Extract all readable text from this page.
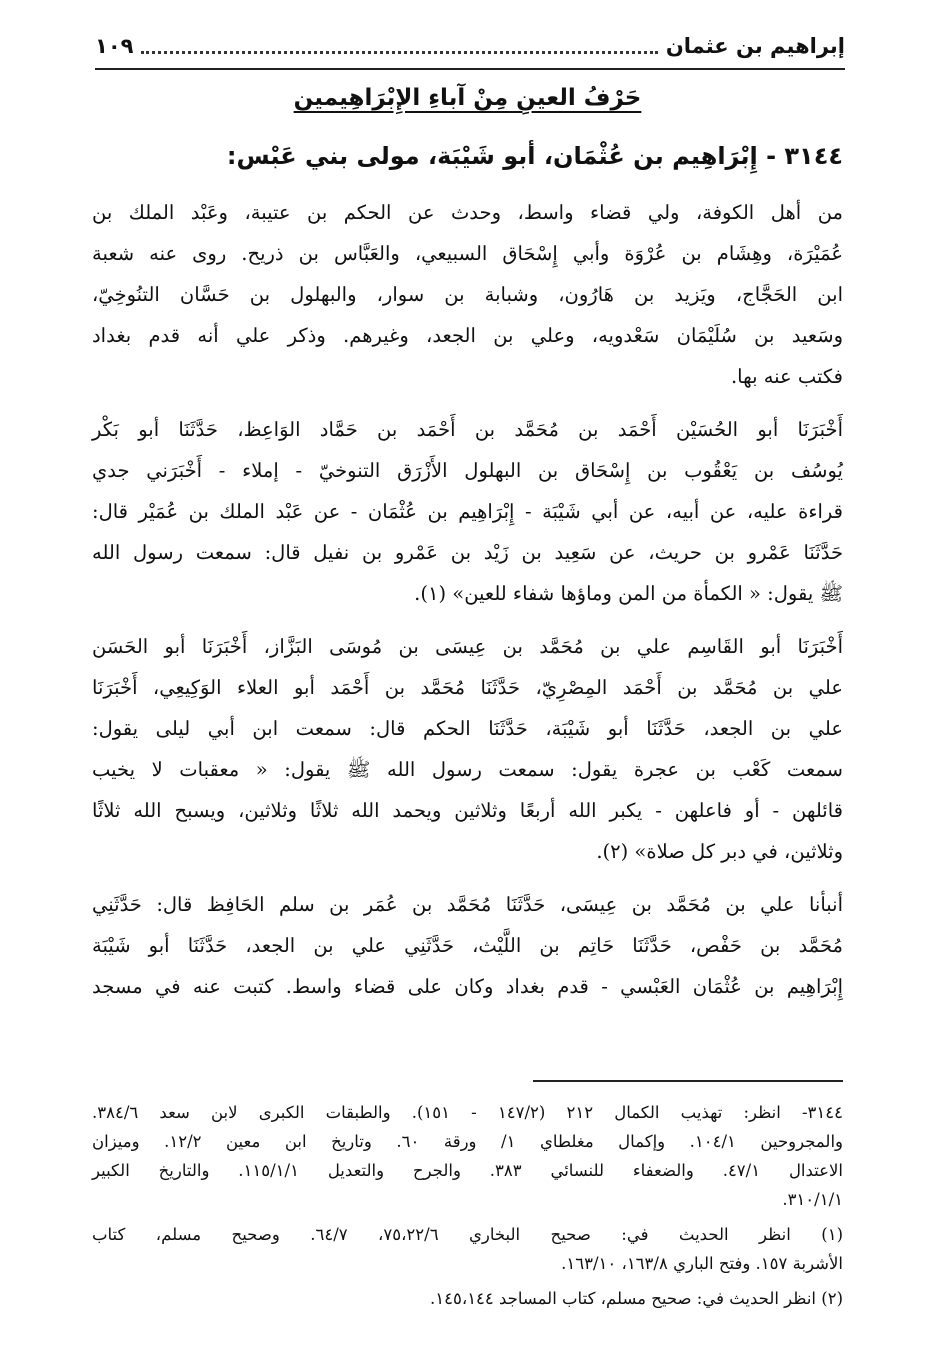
إبراهيم بن عثمان
١٠٩
حَرْفُ العينِ مِنْ آباءِ الإِبْرَاهِيمين
٣١٤٤ - إِبْرَاهِيم بن عُثْمَان، أبو شَيْبَة، مولى بني عَبْس:

من أهل الكوفة، ولي قضاء واسط، وحدث عن الحكم بن عتيبة، وعَبْد الملك بن
عُمَيْرَة، وهِشَام بن عُرْوَة وأبي إِسْحَاق السبيعي، والعَبَّاس بن ذريح. روى عنه شعبة
ابن الحَجَّاج، ويَزيد بن هَارُون، وشبابة بن سوار، والبهلول بن حَسَّان التنُوخِيّ،
وسَعيد بن سُلَيْمَان سَعْدويه، وعلي بن الجعد، وغيرهم. وذكر علي أنه قدم بغداد
فكتب عنه بها.

أَخْبَرَنَا أبو الحُسَيْن أَحْمَد بن مُحَمَّد بن أَحْمَد بن حَمَّاد الوَاعِظ، حَدَّثَنَا أبو بَكْر
يُوسُف بن يَعْقُوب بن إِسْحَاق بن البهلول الأَزْرَق التنوخيّ - إملاء - أَخْبَرَني جدي
قراءة عليه، عن أبيه، عن أبي شَيْبَة - إِبْرَاهِيم بن عُثْمَان - عن عَبْد الملك بن عُمَيْر قال:
حَدَّثَنَا عَمْرو بن حريث، عن سَعِيد بن زَيْد بن عَمْرو بن نفيل قال: سمعت رسول الله
ﷺ يقول: « الكمأة من المن وماؤها شفاء للعين» (١).

أَخْبَرَنَا أبو القَاسِم علي بن مُحَمَّد بن عِيسَى بن مُوسَى البَزَّاز، أَخْبَرَنَا أبو الحَسَن
علي بن مُحَمَّد بن أَحْمَد المِصْرِيّ، حَدَّثَنَا مُحَمَّد بن أَحْمَد أبو العلاء الوَكِيعِي، أَخْبَرَنَا
علي بن الجعد، حَدَّثَنَا أبو شَيْبَة، حَدَّثَنَا الحكم قال: سمعت ابن أبي ليلى يقول:
سمعت كَعْب بن عجرة يقول: سمعت رسول الله ﷺ يقول: « معقبات لا يخيب
قائلهن - أو فاعلهن - يكبر الله أربعًا وثلاثين ويحمد الله ثلاثًا وثلاثين، ويسبح الله ثلاثًا
وثلاثين، في دبر كل صلاة» (٢).

أنبأنا علي بن مُحَمَّد بن عِيسَى، حَدَّثَنَا مُحَمَّد بن عُمَر بن سلم الحَافِظ قال: حَدَّثَنِي
مُحَمَّد بن حَفْص، حَدَّثَنَا حَاتِم بن اللَّيْث، حَدَّثَنِي علي بن الجعد، حَدَّثَنَا أبو شَيْبَة
إِبْرَاهِيم بن عُثْمَان العَبْسي - قدم بغداد وكان على قضاء واسط. كتبت عنه في مسجد

٣١٤٤- انظر: تهذيب الكمال ٢١٢ (١٤٧/٢ - ١٥١). والطبقات الكبرى لابن سعد ٣٨٤/٦.
والمجروحين ١٠٤/١. وإكمال مغلطاي ١/ ورقة ٦٠. وتاريخ ابن معين ١٢/٢. وميزان
الاعتدال ٤٧/١. والضعفاء للنسائي ٣٨٣. والجرح والتعديل ١١٥/١/١. والتاريخ الكبير
٣١٠/١/١.
(١) انظر الحديث في: صحيح البخاري ٧٥،٢٢/٦، ٦٤/٧. وصحيح مسلم، كتاب
الأشربة ١٥٧. وفتح الباري ١٦٣/٨، ١٦٣/١٠.
(٢) انظر الحديث في: صحيح مسلم، كتاب المساجد ١٤٥،١٤٤.
